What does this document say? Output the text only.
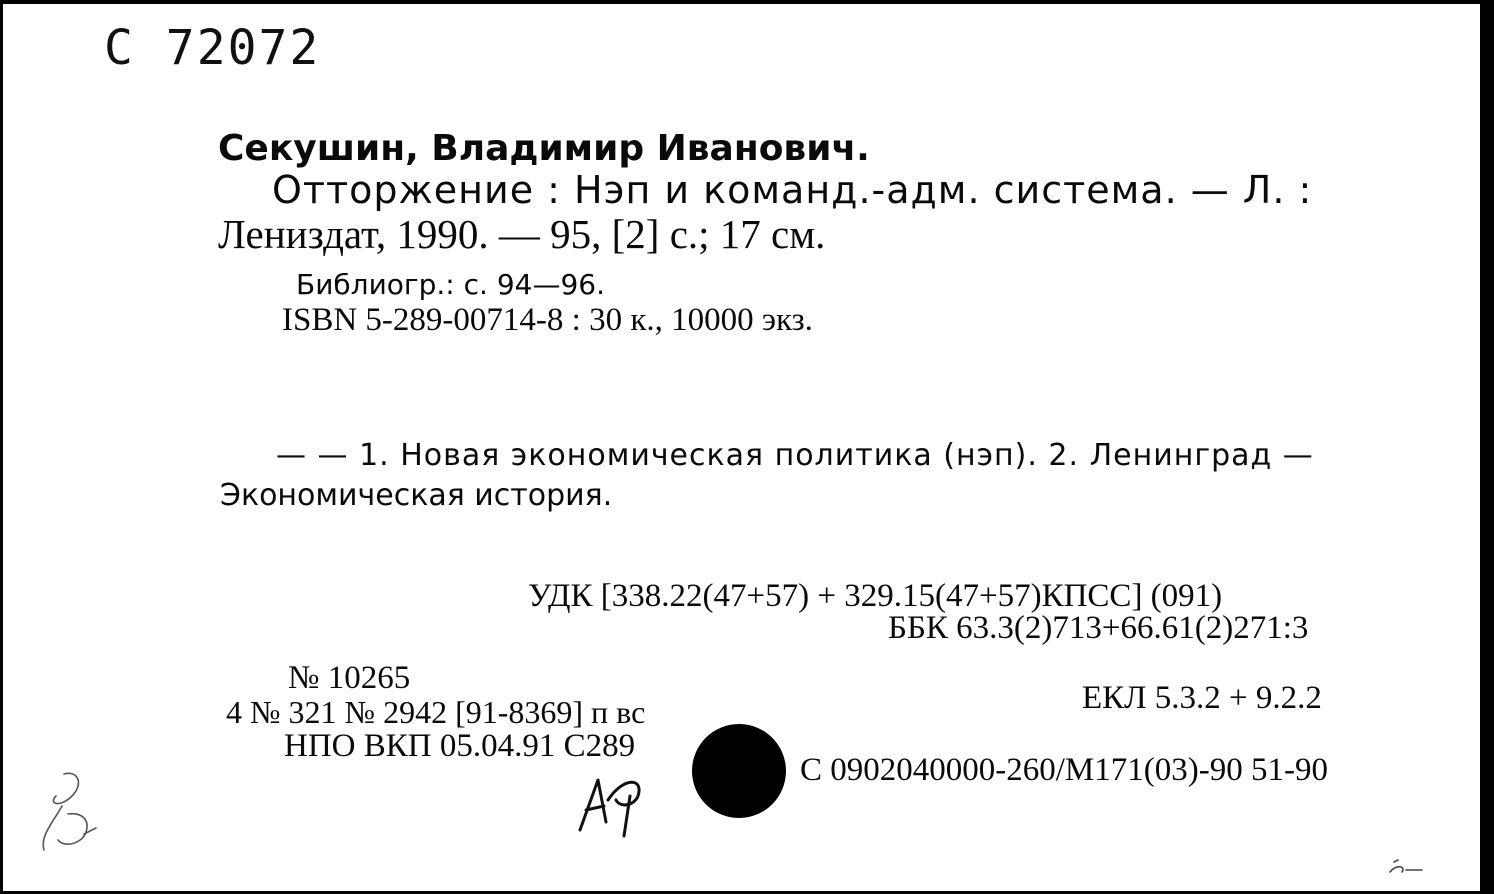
С 72072
Секушин, Владимир Иванович.
Отторжение : Нэп и команд.-адм. система. — Л. :
Лениздат, 1990. — 95, [2] с.; 17 см.
Библиогр.: с. 94—96.
ISBN 5-289-00714-8 : 30 к., 10000 экз.
— — 1. Новая экономическая политика (нэп). 2. Ленинград —
Экономическая история.
УДК [338.22(47+57) + 329.15(47+57)КПСС] (091)
ББК 63.3(2)713+66.61(2)271:3
№ 10265
4 № 321 № 2942 [91-8369] п вс
НПО ВКП 05.04.91 С289
ЕКЛ 5.3.2 + 9.2.2
С 0902040000-260/М171(03)-90 51-90
